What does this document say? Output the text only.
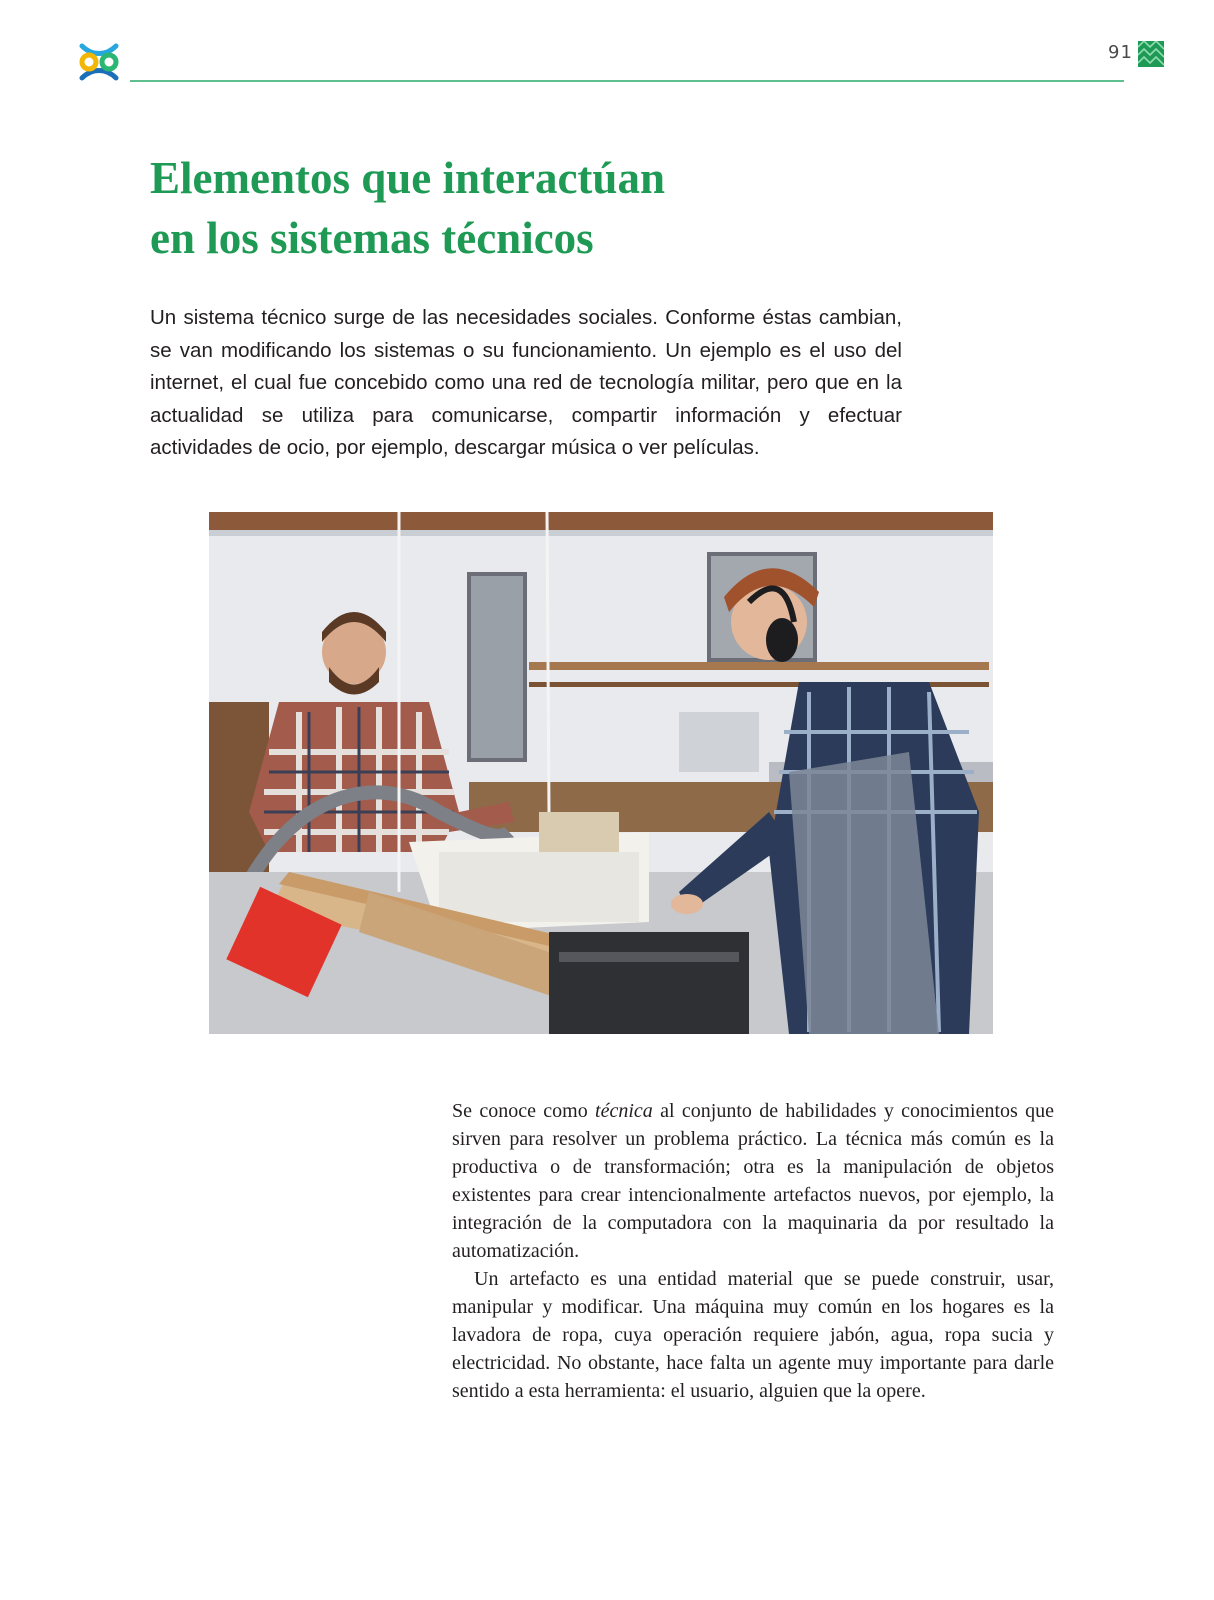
91
Elementos que interactúan
en los sistemas técnicos

Un sistema técnico surge de las necesidades sociales. Conforme éstas cambian, se van modificando los sistemas o su funcionamiento. Un ejemplo es el uso del internet, el cual fue concebido como una red de tecnología militar, pero que en la actualidad se utiliza para comunicarse, compartir información y efectuar actividades de ocio, por ejemplo, descargar música o ver películas.

Se conoce como técnica al conjunto de habilidades y conocimientos que sirven para resolver un problema práctico. La técnica más común es la productiva o de transformación; otra es la manipulación de objetos existentes para crear intencionalmente artefactos nuevos, por ejemplo, la integración de la computadora con la maquinaria da por resultado la automatización.

Un artefacto es una entidad material que se puede construir, usar, manipular y modificar. Una máquina muy común en los hogares es la lavadora de ropa, cuya operación requiere jabón, agua, ropa sucia y electricidad. No obstante, hace falta un agente muy importante para darle sentido a esta herramienta: el usuario, alguien que la opere.
